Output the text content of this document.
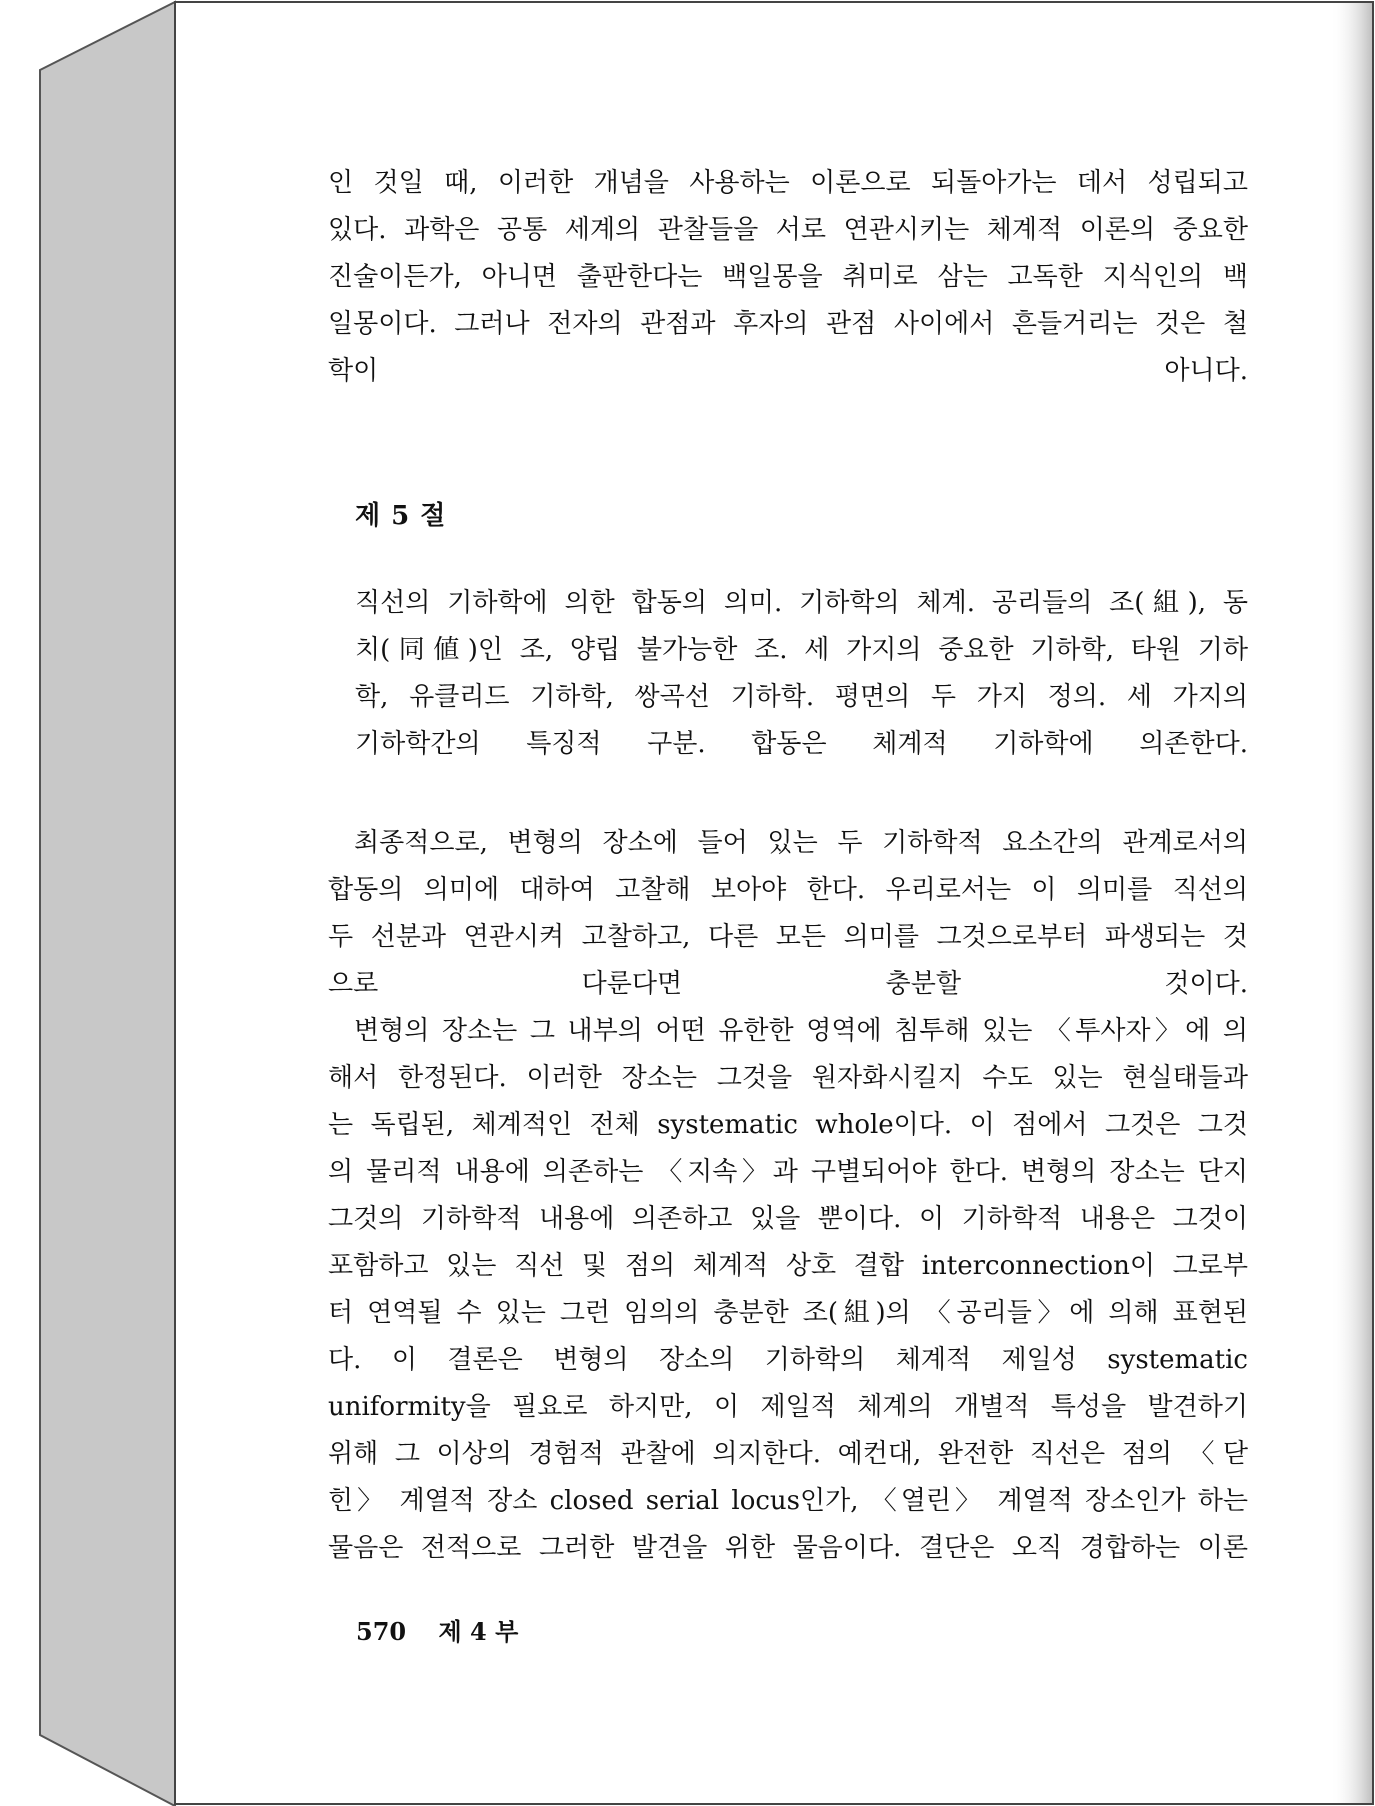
인 것일 때, 이러한 개념을 사용하는 이론으로 되돌아가는 데서 성립되고
있다. 과학은 공통 세계의 관찰들을 서로 연관시키는 체계적 이론의 중요한
진술이든가, 아니면 출판한다는 백일몽을 취미로 삼는 고독한 지식인의 백
일몽이다. 그러나 전자의 관점과 후자의 관점 사이에서 흔들거리는 것은 철
학이 아니다.

제 5 절

직선의 기하학에 의한 합동의 의미. 기하학의 체계. 공리들의 조(組), 동
치(同値)인 조, 양립 불가능한 조. 세 가지의 중요한 기하학, 타원 기하
학, 유클리드 기하학, 쌍곡선 기하학. 평면의 두 가지 정의. 세 가지의
기하학간의 특징적 구분. 합동은 체계적 기하학에 의존한다.

최종적으로, 변형의 장소에 들어 있는 두 기하학적 요소간의 관계로서의
합동의 의미에 대하여 고찰해 보아야 한다. 우리로서는 이 의미를 직선의
두 선분과 연관시켜 고찰하고, 다른 모든 의미를 그것으로부터 파생되는 것
으로 다룬다면 충분할 것이다.

변형의 장소는 그 내부의 어떤 유한한 영역에 침투해 있는 〈투사자〉에 의
해서 한정된다. 이러한 장소는 그것을 원자화시킬지 수도 있는 현실태들과
는 독립된, 체계적인 전체 systematic whole이다. 이 점에서 그것은 그것
의 물리적 내용에 의존하는 〈지속〉과 구별되어야 한다. 변형의 장소는 단지
그것의 기하학적 내용에 의존하고 있을 뿐이다. 이 기하학적 내용은 그것이
포함하고 있는 직선 및 점의 체계적 상호 결합 interconnection이 그로부
터 연역될 수 있는 그런 임의의 충분한 조(組)의 〈공리들〉에 의해 표현된
다. 이 결론은 변형의 장소의 기하학의 체계적 제일성 systematic
uniformity을 필요로 하지만, 이 제일적 체계의 개별적 특성을 발견하기
위해 그 이상의 경험적 관찰에 의지한다. 예컨대, 완전한 직선은 점의 〈닫
힌〉 계열적 장소 closed serial locus인가, 〈열린〉 계열적 장소인가 하는
물음은 전적으로 그러한 발견을 위한 물음이다. 결단은 오직 경합하는 이론

570 제 4 부
